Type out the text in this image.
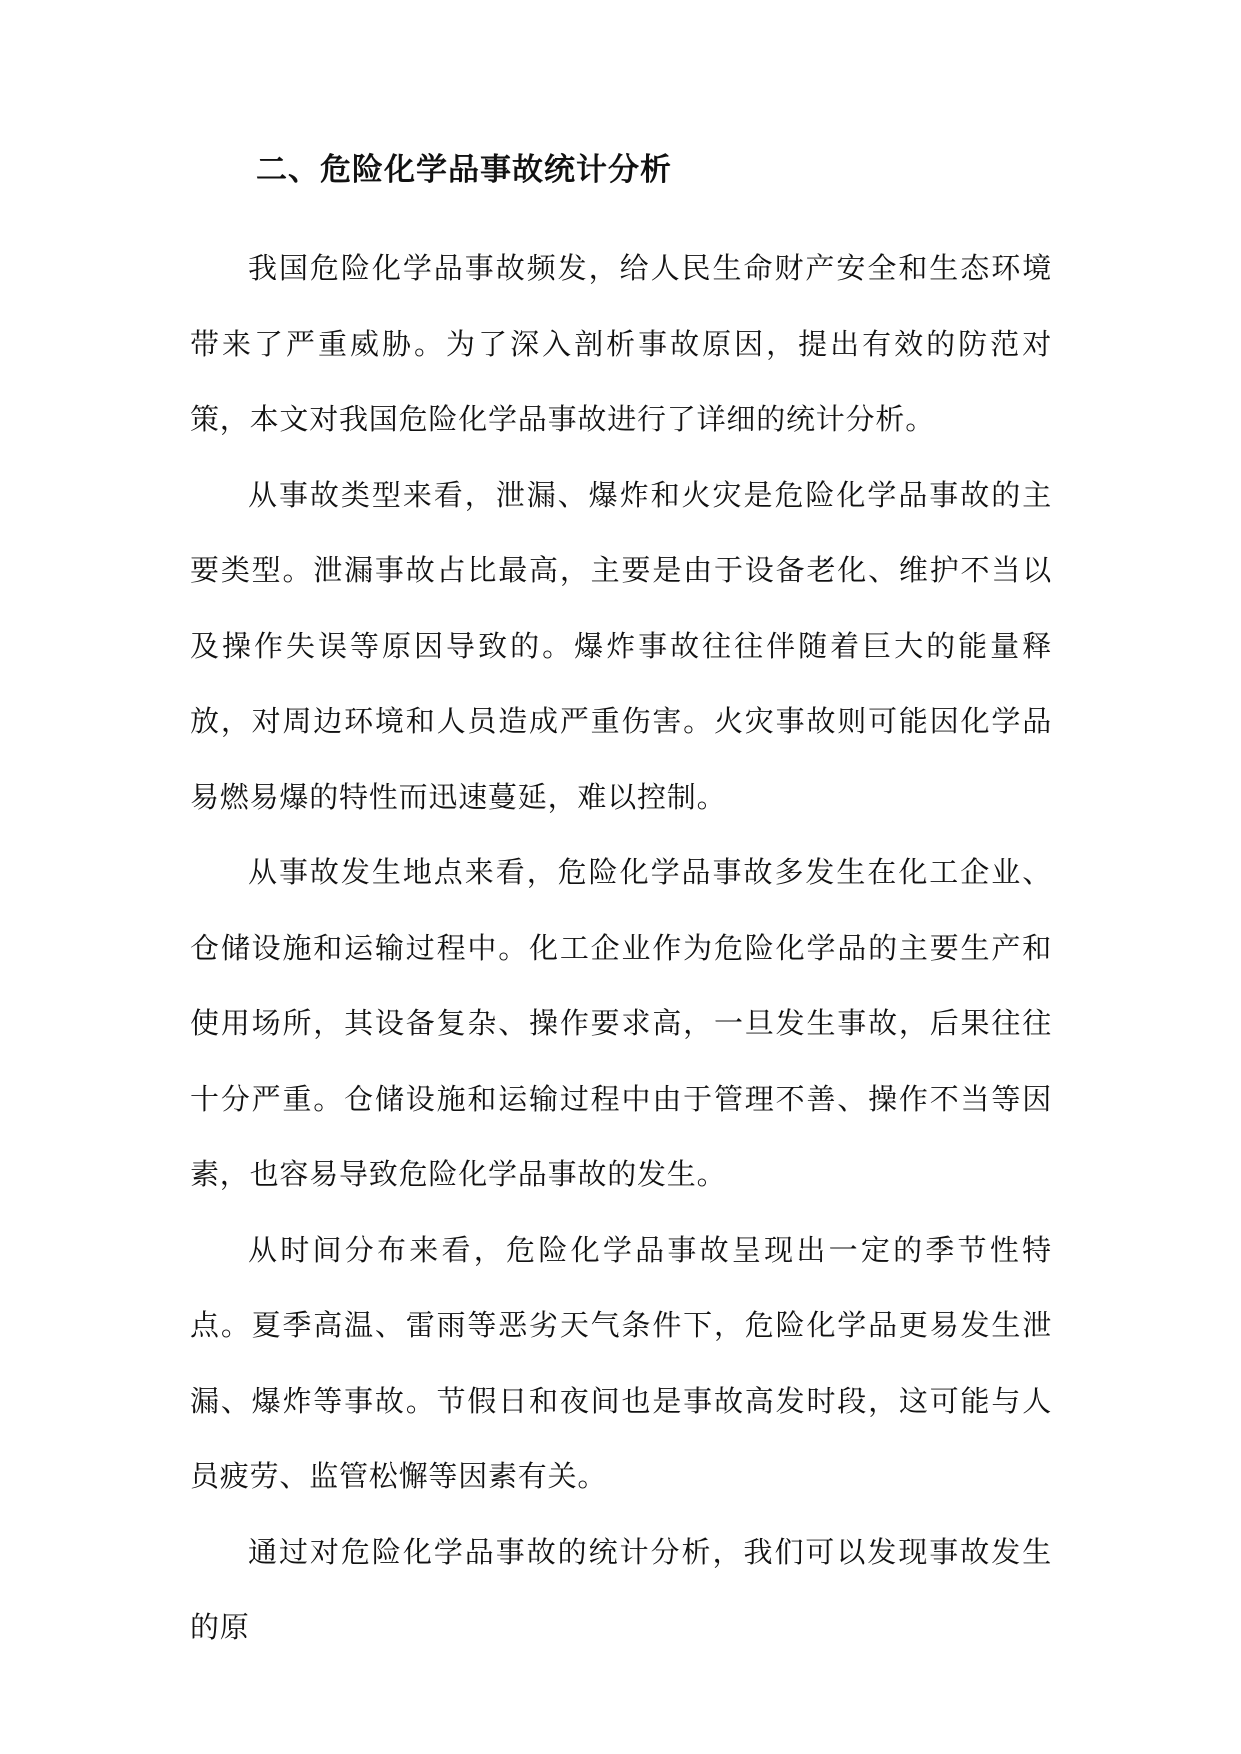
二、危险化学品事故统计分析

我国危险化学品事故频发，给人民生命财产安全和生态环境带来了严重威胁。为了深入剖析事故原因，提出有效的防范对策，本文对我国危险化学品事故进行了详细的统计分析。

从事故类型来看，泄漏、爆炸和火灾是危险化学品事故的主要类型。泄漏事故占比最高，主要是由于设备老化、维护不当以及操作失误等原因导致的。爆炸事故往往伴随着巨大的能量释放，对周边环境和人员造成严重伤害。火灾事故则可能因化学品易燃易爆的特性而迅速蔓延，难以控制。

从事故发生地点来看，危险化学品事故多发生在化工企业、仓储设施和运输过程中。化工企业作为危险化学品的主要生产和使用场所，其设备复杂、操作要求高，一旦发生事故，后果往往十分严重。仓储设施和运输过程中由于管理不善、操作不当等因素，也容易导致危险化学品事故的发生。

从时间分布来看，危险化学品事故呈现出一定的季节性特点。夏季高温、雷雨等恶劣天气条件下，危险化学品更易发生泄漏、爆炸等事故。节假日和夜间也是事故高发时段，这可能与人员疲劳、监管松懈等因素有关。

通过对危险化学品事故的统计分析，我们可以发现事故发生的原
